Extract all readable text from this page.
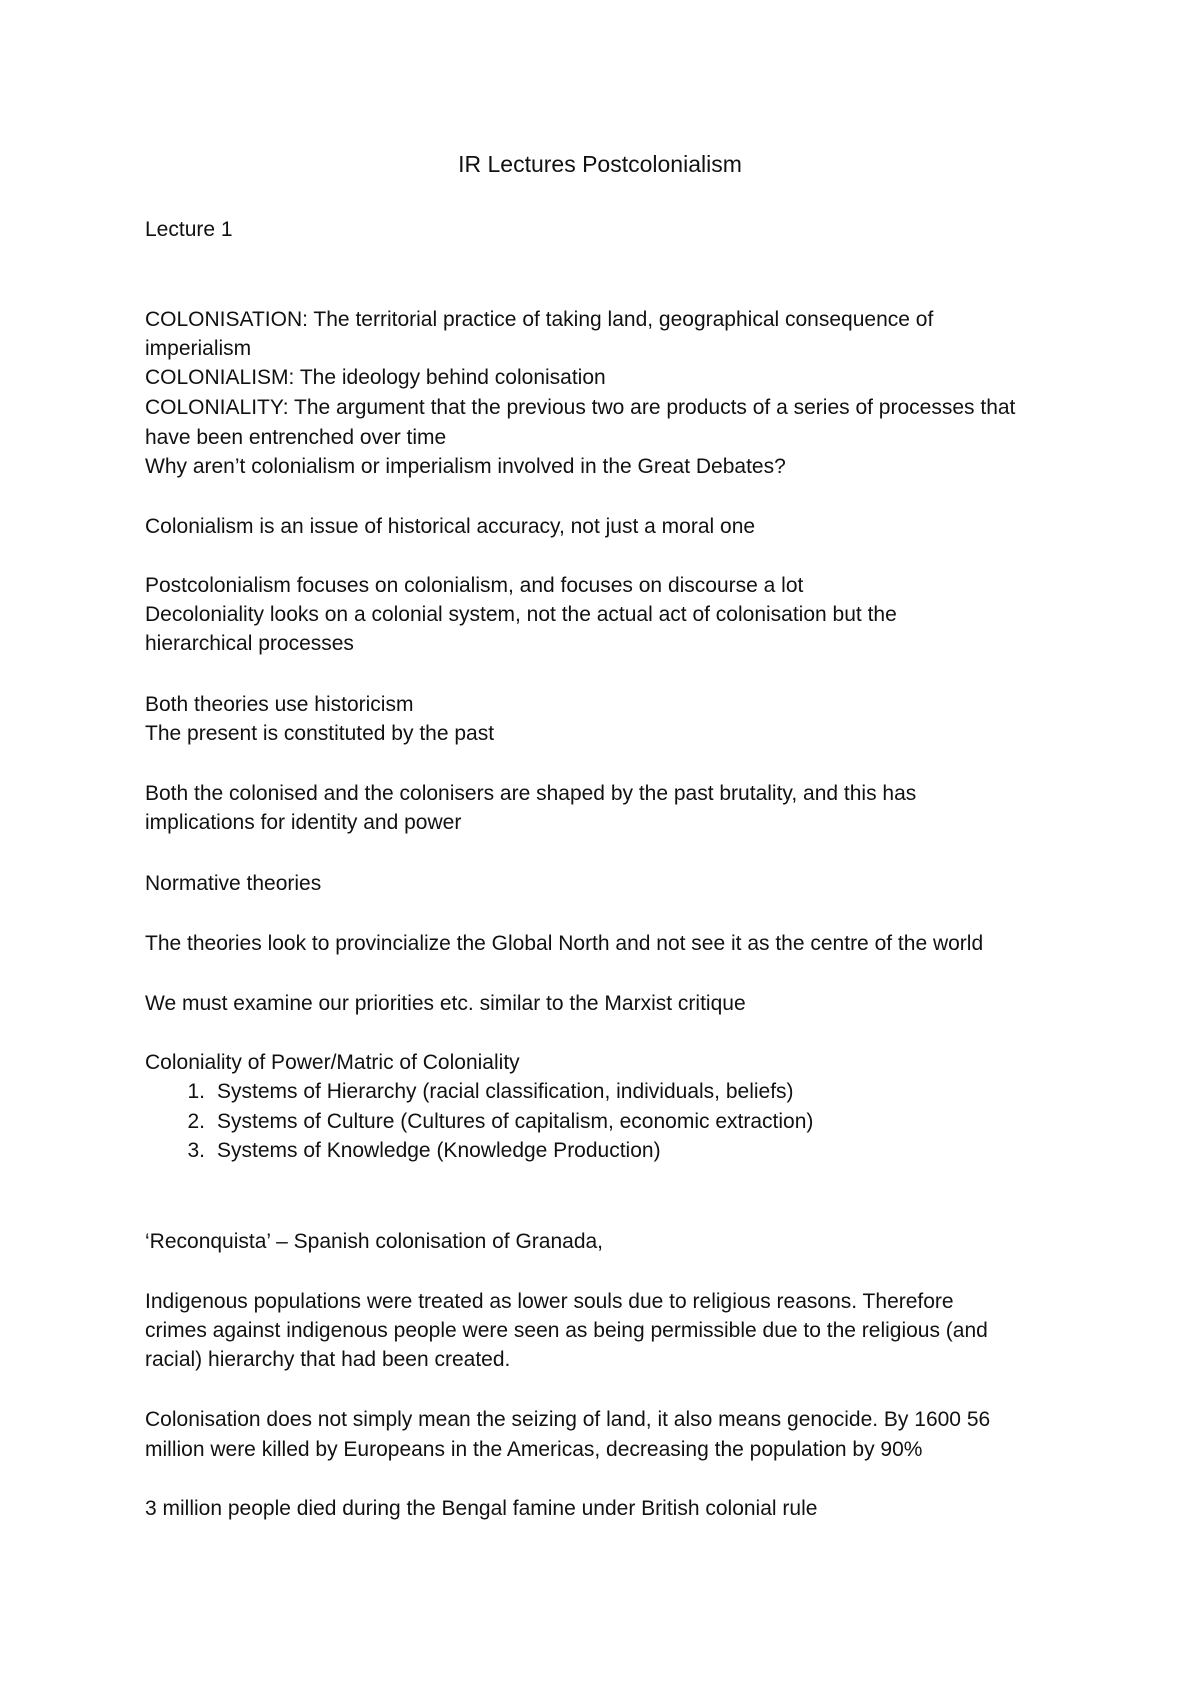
IR Lectures Postcolonialism
Lecture 1
COLONISATION: The territorial practice of taking land, geographical consequence of
imperialism
COLONIALISM: The ideology behind colonisation
COLONIALITY: The argument that the previous two are products of a series of processes that
have been entrenched over time
Why aren’t colonialism or imperialism involved in the Great Debates?
Colonialism is an issue of historical accuracy, not just a moral one
Postcolonialism focuses on colonialism, and focuses on discourse a lot
Decoloniality looks on a colonial system, not the actual act of colonisation but the
hierarchical processes
Both theories use historicism
The present is constituted by the past
Both the colonised and the colonisers are shaped by the past brutality, and this has
implications for identity and power
Normative theories
The theories look to provincialize the Global North and not see it as the centre of the world
We must examine our priorities etc. similar to the Marxist critique
Coloniality of Power/Matric of Coloniality
1. Systems of Hierarchy (racial classification, individuals, beliefs)
2. Systems of Culture (Cultures of capitalism, economic extraction)
3. Systems of Knowledge (Knowledge Production)
‘Reconquista’ – Spanish colonisation of Granada,
Indigenous populations were treated as lower souls due to religious reasons. Therefore
crimes against indigenous people were seen as being permissible due to the religious (and
racial) hierarchy that had been created.
Colonisation does not simply mean the seizing of land, it also means genocide. By 1600 56
million were killed by Europeans in the Americas, decreasing the population by 90%
3 million people died during the Bengal famine under British colonial rule
